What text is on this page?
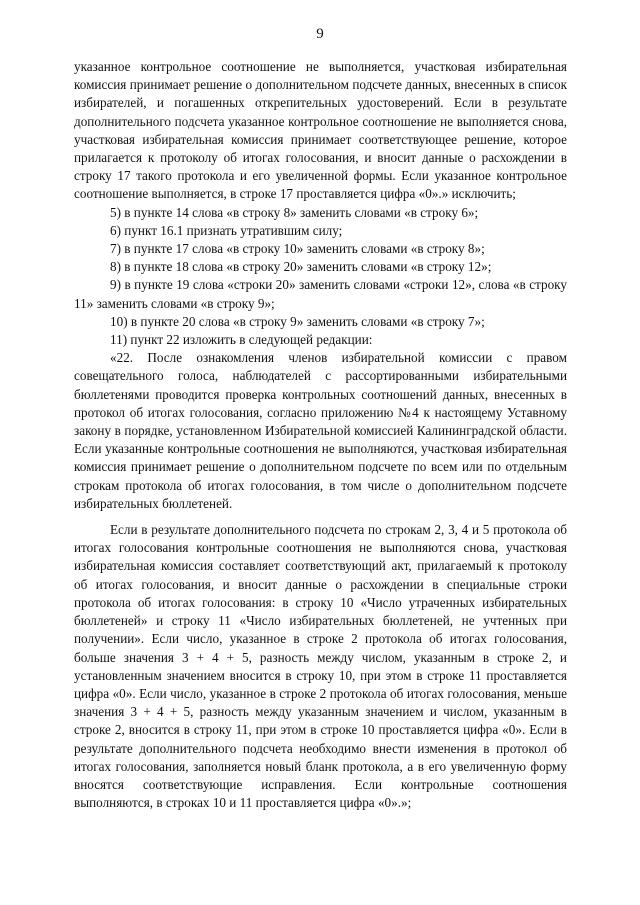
9

указанное контрольное соотношение не выполняется, участковая избирательная комиссия принимает решение о дополнительном подсчете данных, внесенных в список избирателей, и погашенных открепительных удостоверений. Если в результате дополнительного подсчета указанное контрольное соотношение не выполняется снова, участковая избирательная комиссия принимает соответствующее решение, которое прилагается к протоколу об итогах голосования, и вносит данные о расхождении в строку 17 такого протокола и его увеличенной формы. Если указанное контрольное соотношение выполняется, в строке 17 проставляется цифра «0».» исключить;

5) в пункте 14 слова «в строку 8» заменить словами «в строку 6»;

6) пункт 16.1 признать утратившим силу;

7) в пункте 17 слова «в строку 10» заменить словами «в строку 8»;

8) в пункте 18 слова «в строку 20» заменить словами «в строку 12»;

9) в пункте 19 слова «строки 20» заменить словами «строки 12», слова «в строку 11» заменить словами «в строку 9»;

10) в пункте 20 слова «в строку 9» заменить словами «в строку 7»;

11) пункт 22 изложить в следующей редакции:

«22. После ознакомления членов избирательной комиссии с правом совещательного голоса, наблюдателей с рассортированными избирательными бюллетенями проводится проверка контрольных соотношений данных, внесенных в протокол об итогах голосования, согласно приложению №4 к настоящему Уставному закону в порядке, установленном Избирательной комиссией Калининградской области. Если указанные контрольные соотношения не выполняются, участковая избирательная комиссия принимает решение о дополнительном подсчете по всем или по отдельным строкам протокола об итогах голосования, в том числе о дополнительном подсчете избирательных бюллетеней.

Если в результате дополнительного подсчета по строкам 2, 3, 4 и 5 протокола об итогах голосования контрольные соотношения не выполняются снова, участковая избирательная комиссия составляет соответствующий акт, прилагаемый к протоколу об итогах голосования, и вносит данные о расхождении в специальные строки протокола об итогах голосования: в строку 10 «Число утраченных избирательных бюллетеней» и строку 11 «Число избирательных бюллетеней, не учтенных при получении». Если число, указанное в строке 2 протокола об итогах голосования, больше значения 3 + 4 + 5, разность между числом, указанным в строке 2, и установленным значением вносится в строку 10, при этом в строке 11 проставляется цифра «0». Если число, указанное в строке 2 протокола об итогах голосования, меньше значения 3 + 4 + 5, разность между указанным значением и числом, указанным в строке 2, вносится в строку 11, при этом в строке 10 проставляется цифра «0». Если в результате дополнительного подсчета необходимо внести изменения в протокол об итогах голосования, заполняется новый бланк протокола, а в его увеличенную форму вносятся соответствующие исправления. Если контрольные соотношения выполняются, в строках 10 и 11 проставляется цифра «0».»;
